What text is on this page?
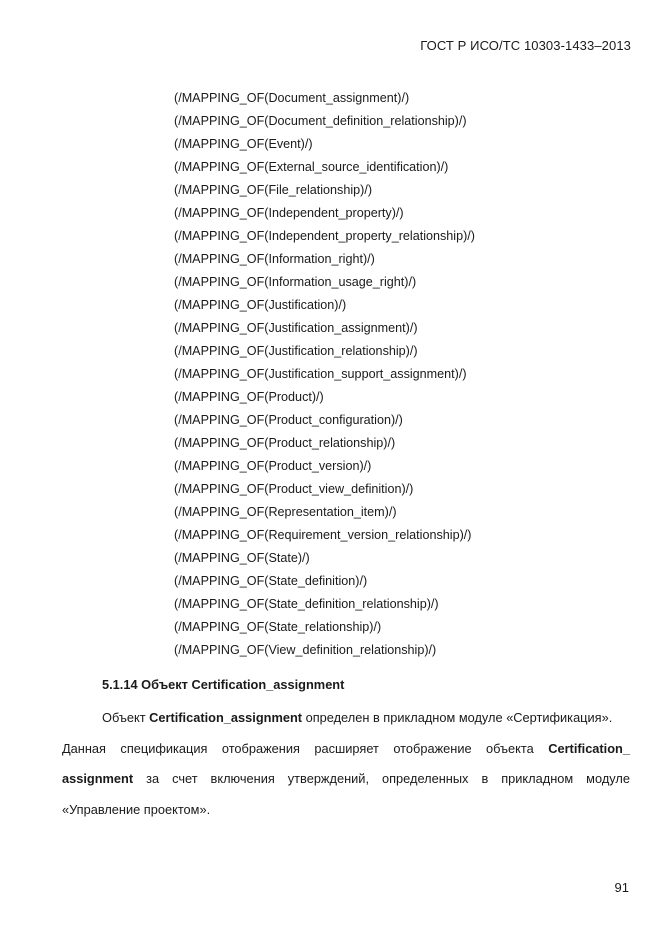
ГОСТ Р ИСО/ТС 10303-1433–2013
(/MAPPING_OF(Document_assignment)/)
(/MAPPING_OF(Document_definition_relationship)/)
(/MAPPING_OF(Event)/)
(/MAPPING_OF(External_source_identification)/)
(/MAPPING_OF(File_relationship)/)
(/MAPPING_OF(Independent_property)/)
(/MAPPING_OF(Independent_property_relationship)/)
(/MAPPING_OF(Information_right)/)
(/MAPPING_OF(Information_usage_right)/)
(/MAPPING_OF(Justification)/)
(/MAPPING_OF(Justification_assignment)/)
(/MAPPING_OF(Justification_relationship)/)
(/MAPPING_OF(Justification_support_assignment)/)
(/MAPPING_OF(Product)/)
(/MAPPING_OF(Product_configuration)/)
(/MAPPING_OF(Product_relationship)/)
(/MAPPING_OF(Product_version)/)
(/MAPPING_OF(Product_view_definition)/)
(/MAPPING_OF(Representation_item)/)
(/MAPPING_OF(Requirement_version_relationship)/)
(/MAPPING_OF(State)/)
(/MAPPING_OF(State_definition)/)
(/MAPPING_OF(State_definition_relationship)/)
(/MAPPING_OF(State_relationship)/)
(/MAPPING_OF(View_definition_relationship)/)
5.1.14 Объект Certification_assignment
Объект Certification_assignment определен в прикладном модуле «Сертификация».
Данная спецификация отображения расширяет отображение объекта Certification_
assignment за счет включения утверждений, определенных в прикладном модуле
«Управление проектом».
91
